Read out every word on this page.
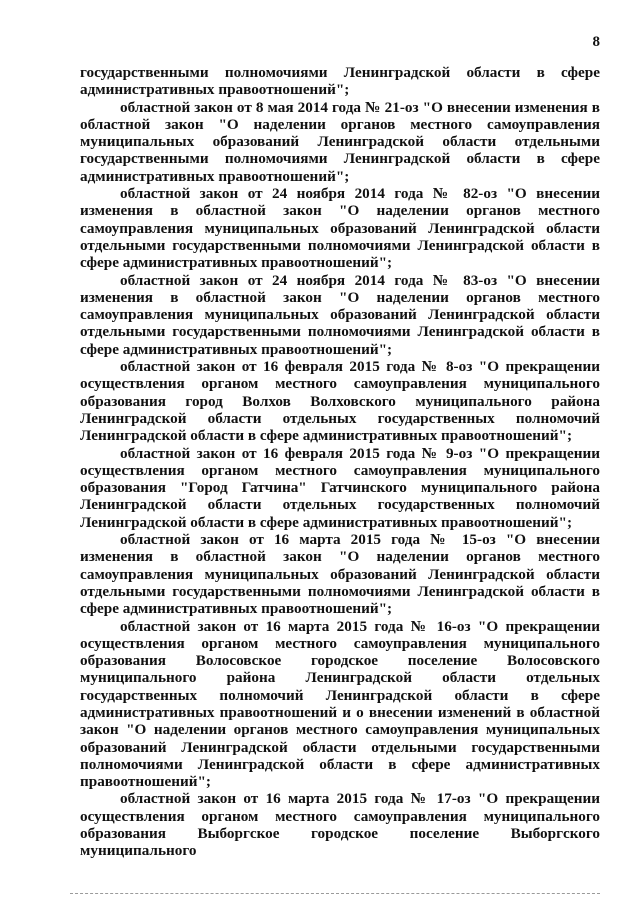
8

государственными полномочиями Ленинградской области в сфере административных правоотношений";

областной закон от 8 мая 2014 года № 21-оз "О внесении изменения в областной закон "О наделении органов местного самоуправления муниципальных образований Ленинградской области отдельными государственными полномочиями Ленинградской области в сфере административных правоотношений";

областной закон от 24 ноября 2014 года № 82-оз "О внесении изменения в областной закон "О наделении органов местного самоуправления муниципальных образований Ленинградской области отдельными государственными полномочиями Ленинградской области в сфере административных правоотношений";

областной закон от 24 ноября 2014 года № 83-оз "О внесении изменения в областной закон "О наделении органов местного самоуправления муниципальных образований Ленинградской области отдельными государственными полномочиями Ленинградской области в сфере административных правоотношений";

областной закон от 16 февраля 2015 года № 8-оз "О прекращении осуществления органом местного самоуправления муниципального образования город Волхов Волховского муниципального района Ленинградской области отдельных государственных полномочий Ленинградской области в сфере административных правоотношений";

областной закон от 16 февраля 2015 года № 9-оз "О прекращении осуществления органом местного самоуправления муниципального образования "Город Гатчина" Гатчинского муниципального района Ленинградской области отдельных государственных полномочий Ленинградской области в сфере административных правоотношений";

областной закон от 16 марта 2015 года № 15-оз "О внесении изменения в областной закон "О наделении органов местного самоуправления муниципальных образований Ленинградской области отдельными государственными полномочиями Ленинградской области в сфере административных правоотношений";

областной закон от 16 марта 2015 года № 16-оз "О прекращении осуществления органом местного самоуправления муниципального образования Волосовское городское поселение Волосовского муниципального района Ленинградской области отдельных государственных полномочий Ленинградской области в сфере административных правоотношений и о внесении изменений в областной закон "О наделении органов местного самоуправления муниципальных образований Ленинградской области отдельными государственными полномочиями Ленинградской области в сфере административных правоотношений";

областной закон от 16 марта 2015 года № 17-оз "О прекращении осуществления органом местного самоуправления муниципального образования Выборгское городское поселение Выборгского муниципального
